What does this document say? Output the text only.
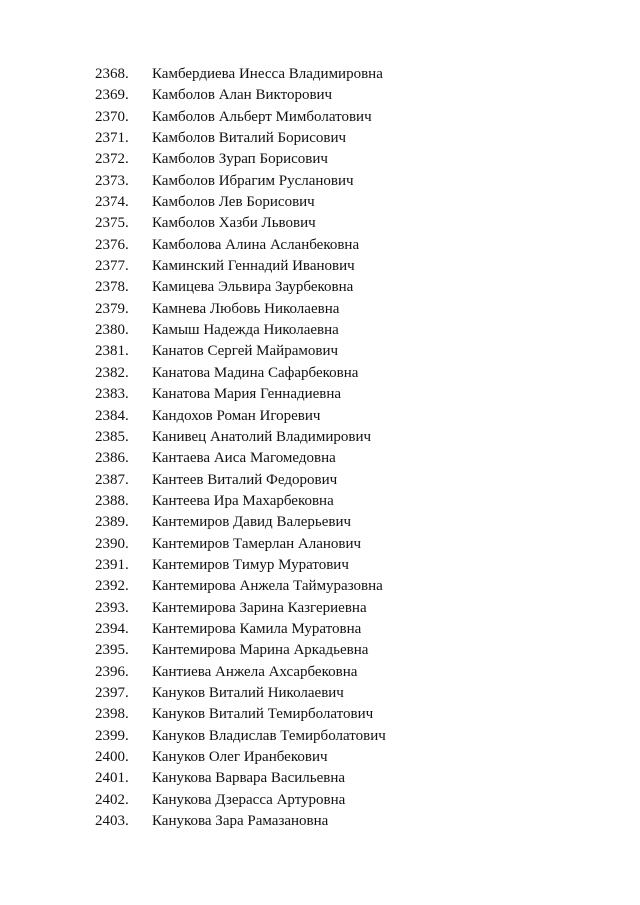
2368. Камбердиева Инесса Владимировна
2369. Камболов Алан Викторович
2370. Камболов Альберт Мимболатович
2371. Камболов Виталий Борисович
2372. Камболов Зурап Борисович
2373. Камболов Ибрагим Русланович
2374. Камболов Лев Борисович
2375. Камболов Хазби Львович
2376. Камболова Алина Асланбековна
2377. Каминский Геннадий Иванович
2378. Камицева Эльвира Заурбековна
2379. Камнева Любовь Николаевна
2380. Камыш Надежда Николаевна
2381. Канатов Сергей Майрамович
2382. Канатова Мадина Сафарбековна
2383. Канатова Мария Геннадиевна
2384. Кандохов Роман Игоревич
2385. Канивец Анатолий Владимирович
2386. Кантаева Аиса Магомедовна
2387. Кантеев Виталий Федорович
2388. Кантеева Ира Махарбековна
2389. Кантемиров Давид Валерьевич
2390. Кантемиров Тамерлан Аланович
2391. Кантемиров Тимур Муратович
2392. Кантемирова Анжела Таймуразовна
2393. Кантемирова Зарина Казгериевна
2394. Кантемирова Камила Муратовна
2395. Кантемирова Марина Аркадьевна
2396. Кантиева Анжела Ахсарбековна
2397. Кануков Виталий Николаевич
2398. Кануков Виталий Темирболатович
2399. Кануков Владислав Темирболатович
2400. Кануков Олег Иранбекович
2401. Канукова Варвара Васильевна
2402. Канукова Дзерасса Артуровна
2403. Канукова Зара Рамазановна
